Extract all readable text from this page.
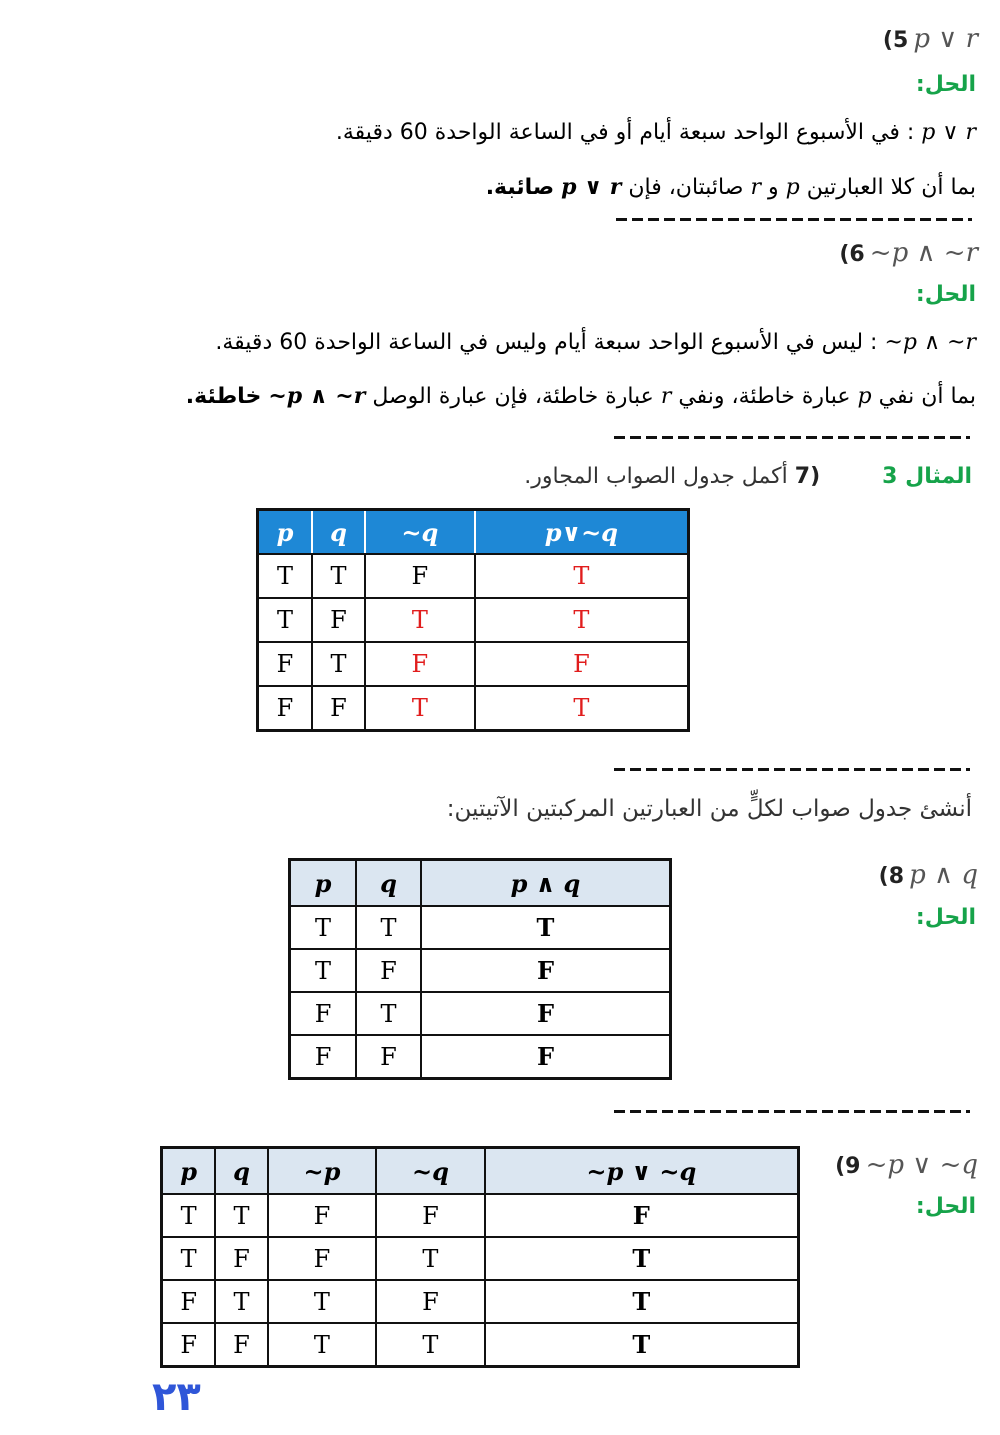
(5 p ∨ r
الحل:
p ∨ r : في الأسبوع الواحد سبعة أيام أو في الساعة الواحدة 60 دقيقة.
بما أن كلا العبارتين p و r صائبتان، فإن p ∨ r صائبة.
(6 ~p ∧ ~r
الحل:
~p ∧ ~r : ليس في الأسبوع الواحد سبعة أيام وليس في الساعة الواحدة 60 دقيقة.
بما أن نفي p عبارة خاطئة، ونفي r عبارة خاطئة، فإن عبارة الوصل ~p ∧ ~r خاطئة.
المثال 3  (7 أكمل جدول الصواب المجاور.
p	q	~q	p∨~q
T	T	F	T
T	F	T	T
F	T	F	F
F	F	T	T
أنشئ جدول صواب لكلٍّ من العبارتين المركبتين الآتيتين:
(8 p ∧ q
الحل:
p	q	p ∧ q
T	T	T
T	F	F
F	T	F
F	F	F
(9 ~p ∨ ~q
الحل:
p	q	~p	~q	~p ∨ ~q
T	T	F	F	F
T	F	F	T	T
F	T	T	F	T
F	F	T	T	T
٢٣
